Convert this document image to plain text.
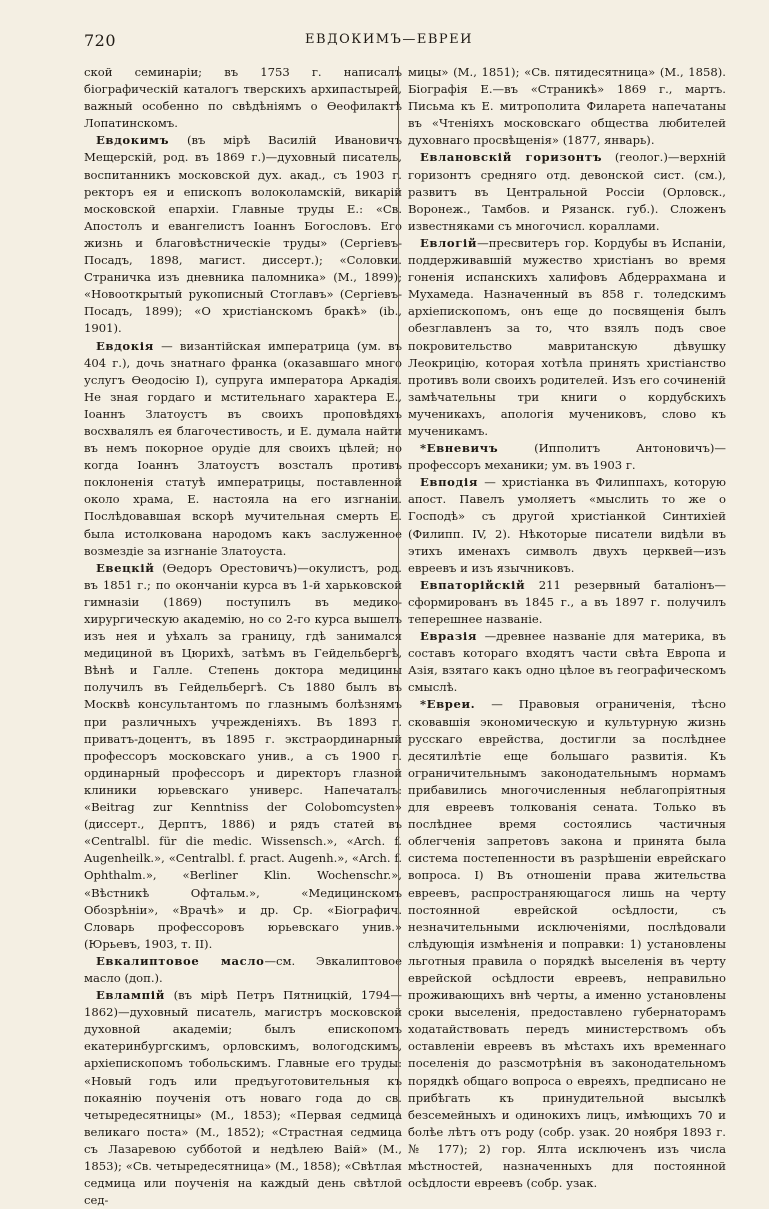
720	ЕВДОКИМЪ—ЕВРЕИ

ской семинаріи; въ 1753 г. написалъ біографическій каталогъ тверскихъ архипастырей, важный особенно по свѣдѣніямъ о Ѳеофилактѣ Лопатинскомъ.

Евдокимъ (въ мірѣ Василій Ивановичъ Мещерскій, род. въ 1869 г.)—духовный писатель, воспитанникъ московской дух. акад., съ 1903 г. ректоръ ея и епископъ волоколамскій, викарій московской епархіи. Главные труды Е.: «Св. Апостолъ и евангелистъ Іоаннъ Богословъ. Его жизнь и благовѣстническіе труды» (Сергіевъ-Посадъ, 1898, магист. диссерт.); «Солoвки. Страничка изъ дневника паломника» (М., 1899); «Новооткрытый рукописный Стоглавъ» (Сергіевъ-Посадъ, 1899); «О христіанскомъ бракѣ» (ib., 1901).

Евдокія — византійская императрица (ум. въ 404 г.), дочь знатнаго франка (оказавшаго много услугъ Ѳеодосію I), супруга императора Аркадія. Не зная гордаго и мстительнаго характера Е., Іоаннъ Златоустъ въ своихъ проповѣдяхъ восхвалялъ ея благочестивость, и Е. думала найти въ немъ покорное орудіе для своихъ цѣлей; но когда Іоаннъ Златоустъ возсталъ противъ поклоненія статуѣ императрицы, поставленной около храма, Е. настояла на его изгнаніи. Послѣдовавшая вскорѣ мучительная смерть Е. была истолкована народомъ какъ заслуженное возмездіе за изгнаніе Златоуста.

Евецкій (Ѳедоръ Орестовичъ)—окулистъ, род. въ 1851 г.; по окончаніи курса въ 1-й харьковской гимназіи (1869) поступилъ въ медико-хирургическую академію, но со 2-го курса вышелъ изъ нея и уѣхалъ за границу, гдѣ занимался медициной въ Цюрихѣ, затѣмъ въ Гейдельбергѣ, Вѣнѣ и Галле. Степень доктора медицины получилъ въ Гейдельбергѣ. Съ 1880 былъ въ Москвѣ консультантомъ по глазнымъ болѣзнямъ при различныхъ учрежденіяхъ. Въ 1893 г. приватъ-доцентъ, въ 1895 г. экстраординарный профессоръ московскаго унив., а съ 1900 г. ординарный профессоръ и директоръ глазной клиники юрьевскаго универс. Напечаталъ: «Beitrag zur Kenntniss der Colobomcysten» (диссерт., Дерптъ, 1886) и рядъ статей въ «Centralbl. für die medic. Wissensch.», «Arch. f. Augenheilk.», «Centralbl. f. pract. Augenh.», «Arch. f. Ophthalm.», «Berliner Klin. Wochenschr.», «Вѣстникѣ Офтальм.», «Медицинскомъ Обозрѣніи», «Врачѣ» и др. Ср. «Біографич. Словарь профессоровъ юрьевскаго унив.» (Юрьевъ, 1903, т. II).

Евкалиптовое масло—см. Эвкалиптовое масло (доп.).

Евлампій (въ мірѣ Петръ Пятницкій, 1794—1862)—духовный писатель, магистръ московской духовной академіи; былъ епископомъ екатеринбургскимъ, орловскимъ, вологодскимъ, архіепископомъ тобольскимъ. Главные его труды: «Новый годъ или предъуготовительныя къ покаянію поученія отъ новаго года до св. четыредесятницы» (М., 1853); «Первая седмица великаго поста» (М., 1852); «Страстная седмица съ Лазаревою субботой и недѣлею Ваій» (М., 1853); «Св. четыредесятница» (М., 1858); «Свѣтлая седмица или поученія на каждый день свѣтлой сед-

мицы» (М., 1851); «Св. пятидесятница» (М., 1858). Біографія Е.—въ «Страникѣ» 1869 г., мартъ. Письма къ Е. митрополита Филарета напечатаны въ «Чтеніяхъ московскаго общества любителей духовнаго просвѣщенія» (1877, январь).

Евлановскій горизонтъ (геолог.)—верхній горизонтъ средняго отд. девонской сист. (см.), развитъ въ Центральной Россіи (Орловск., Воронеж., Тамбов. и Рязанск. губ.). Сложенъ известняками съ многочисл. кораллами.

Евлогій—пресвитеръ гор. Кордубы въ Испаніи, поддерживавшій мужество христіанъ во время гоненія испанскихъ халифовъ Абдеррахмана и Мухамеда. Назначенный въ 858 г. толедскимъ архіепископомъ, онъ еще до посвященія былъ обезглавленъ за то, что взялъ подъ свое покровительство мавританскую дѣвушку Леокрицію, которая хотѣла принять христіанство противъ воли своихъ родителей. Изъ его сочиненій замѣчательны три книги о кордубскихъ мученикахъ, апологія мучениковъ, слово къ мученикамъ.

*Евневичъ	(Ипполитъ Антоновичъ)—профессоръ механики; ум. въ 1903 г.

Евподія — христіанка въ Филиппахъ, которую апост. Павелъ умоляетъ «мыслить то же о Господѣ» съ другой христіанкой Синтихіей (Филипп. IV, 2). Нѣкоторые писатели видѣли въ этихъ именахъ символъ двухъ церквей—изъ евреевъ и изъ язычниковъ.

Евпаторійскій 211 резервный баталіонъ—сформированъ въ 1845 г., а въ 1897 г. получилъ теперешнее названіе.

Евразія —древнее названіе для материка, въ составъ котораго входятъ части свѣта Европа и Азія, взятаго какъ одно цѣлое въ географическомъ смыслѣ.

*Евреи. — Правовыя ограниченія, тѣсно сковавшія экономическую и культурную жизнь русскаго еврейства, достигли за послѣднее десятилѣтіе еще большаго развитія. Къ ограничительнымъ законодательнымъ нормамъ прибавились многочисленныя неблагопріятныя для евреевъ толкованія сената. Только въ послѣднее время состоялись частичныя облегченія запретовъ закона и принята была система постепенности въ разрѣшеніи еврейскаго вопроса. I) Въ отношеніи права жительства евреевъ, распространяющагося лишь на черту постоянной еврейской осѣдлости, съ незначительными исключеніями, послѣдовали слѣдующія измѣненія и поправки: 1) установлены льготныя правила о порядкѣ выселенія въ черту еврейской осѣдлости евреевъ, неправильно проживающихъ внѣ черты, а именно установлены сроки выселенія, предоставлено губернаторамъ ходатайствовать передъ министерствомъ объ оставленіи евреевъ въ мѣстахъ ихъ временнаго поселенія до разсмотрѣнія въ законодательномъ порядкѣ общаго вопроса о евреяхъ, предписано не прибѣгать къ принудительной высылкѣ безсемейныхъ и одинокихъ лицъ, имѣющихъ 70 и болѣе лѣтъ отъ роду (собр. узак. 20 ноября 1893 г. № 177); 2) гор. Ялта исключенъ изъ числа мѣстностей, назначенныхъ для постоянной осѣдлости евреевъ (собр. узак.
